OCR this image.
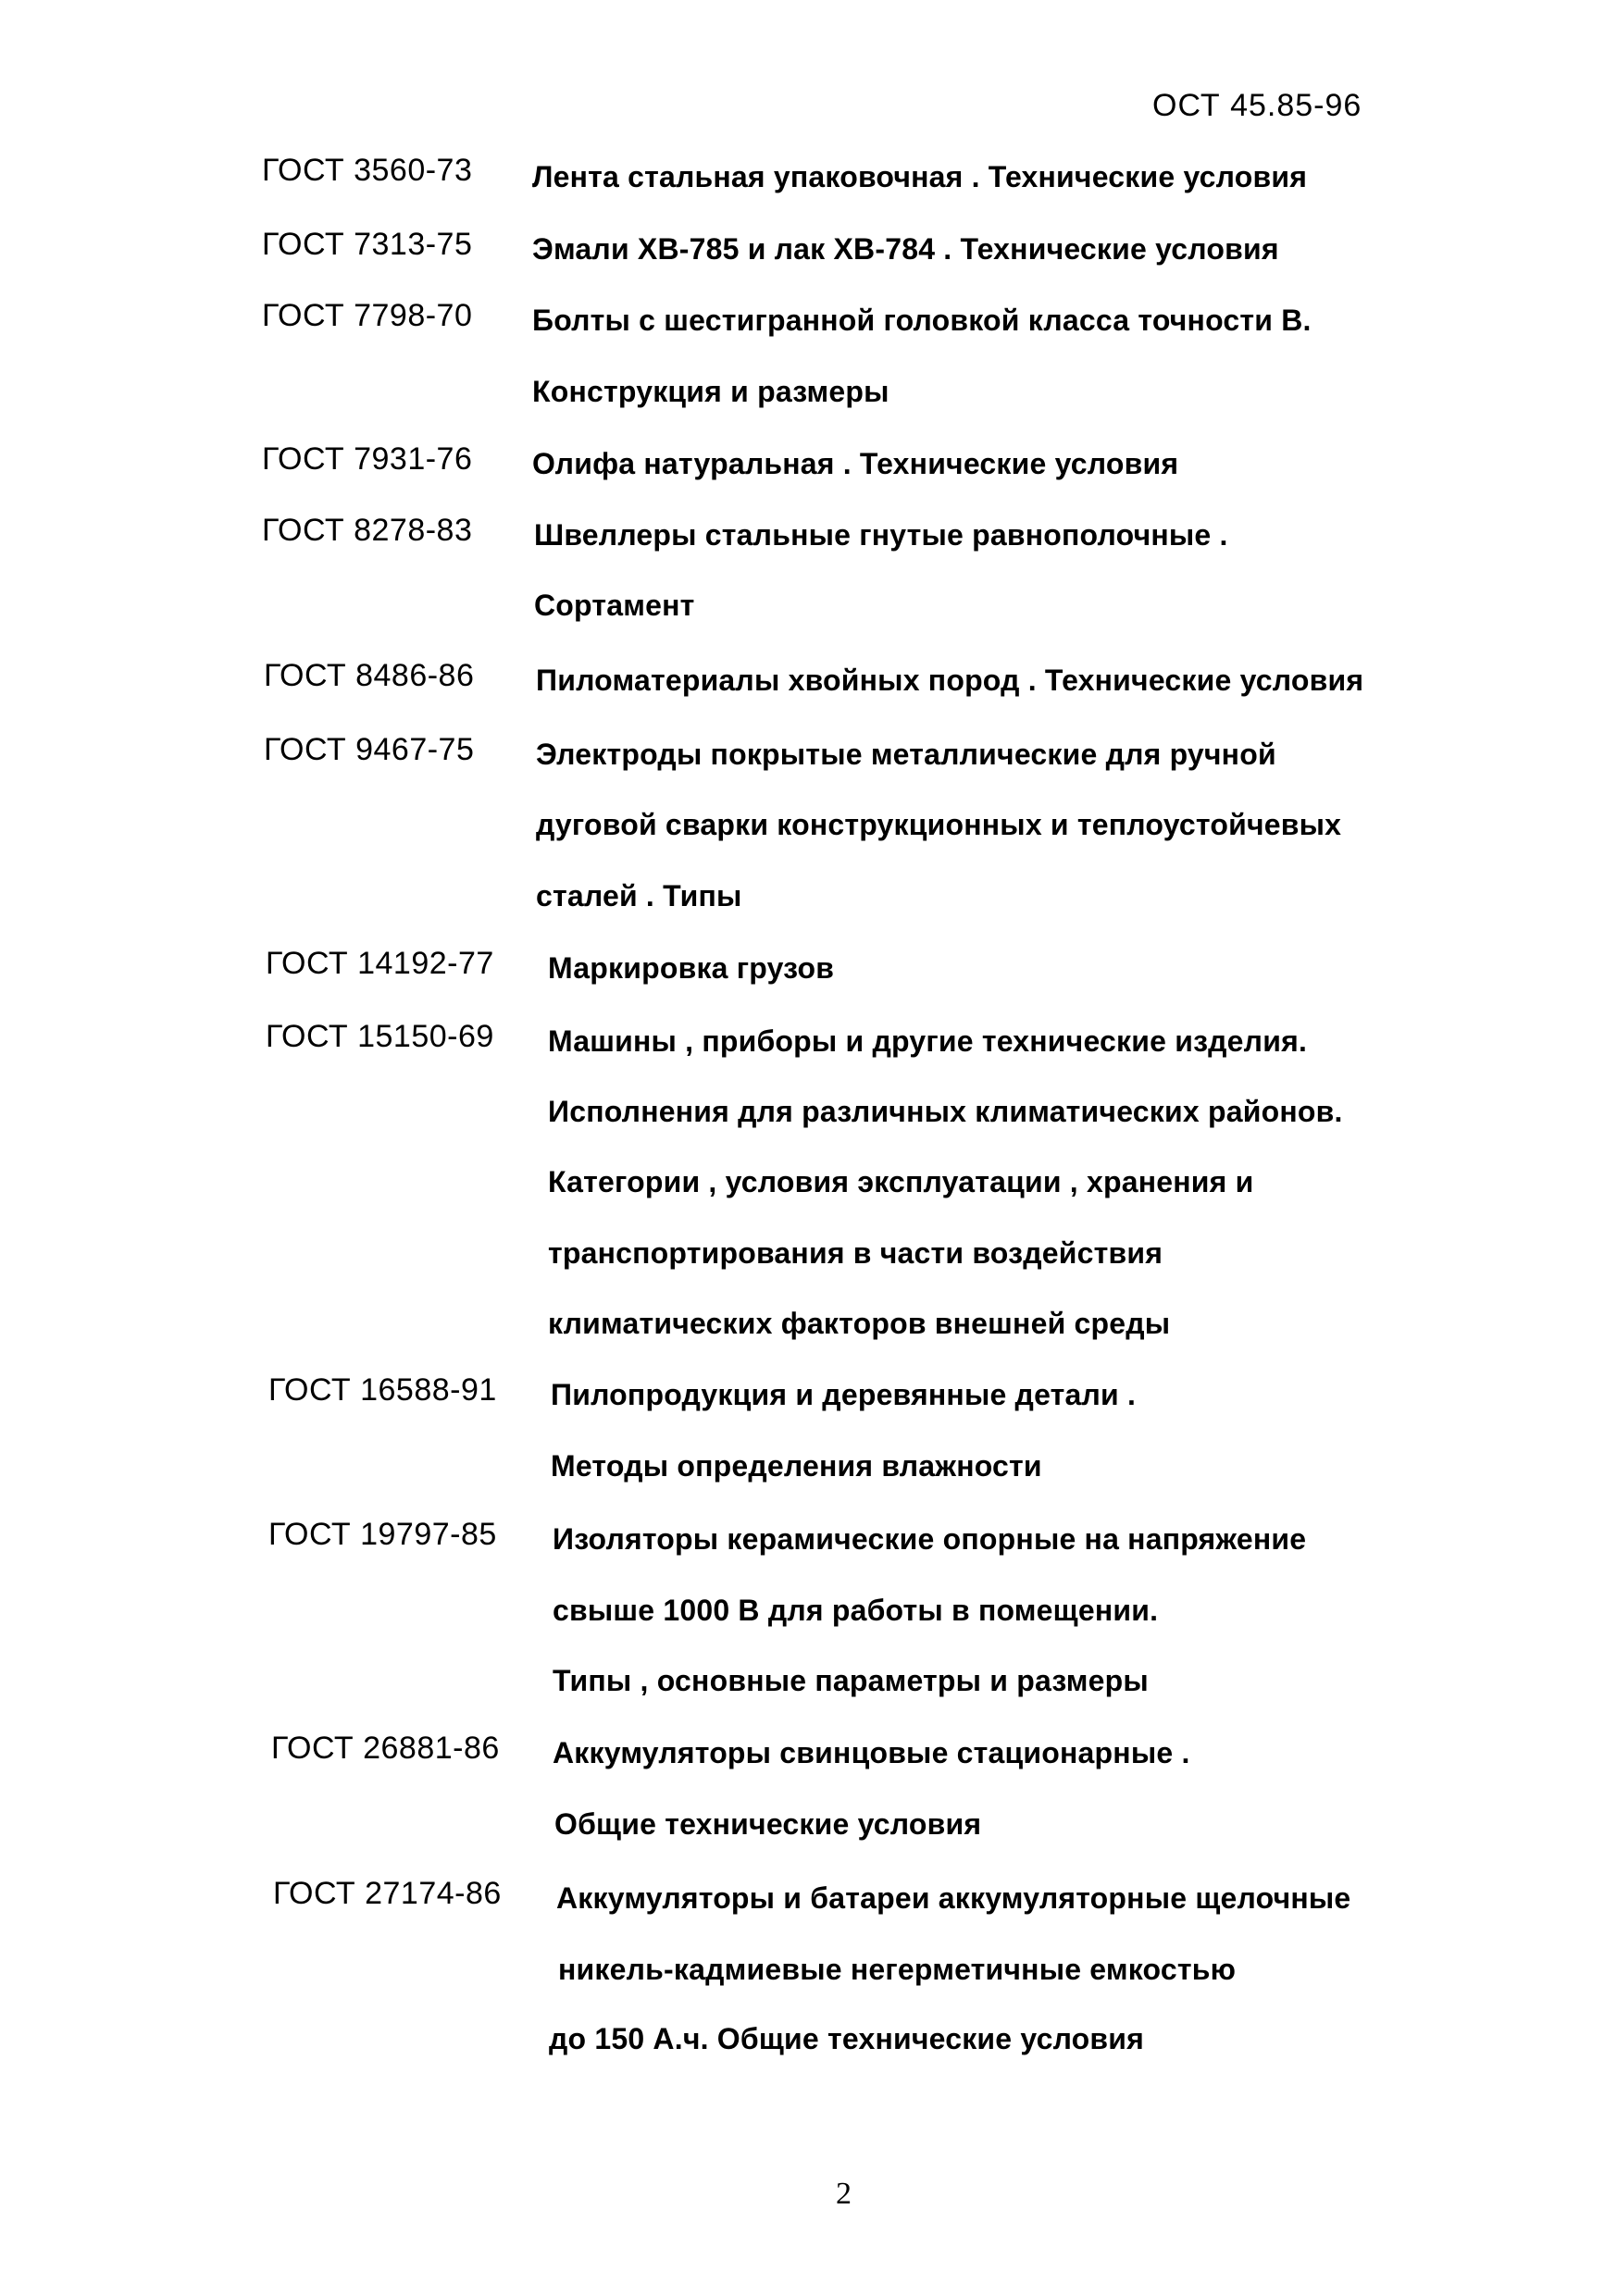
ОСТ 45.85-96
ГОСТ 3560-73 Лента стальная упаковочная . Технические условия
ГОСТ 7313-75 Эмали ХВ-785 и лак ХВ-784 . Технические условия
ГОСТ 7798-70 Болты с шестигранной головкой класса точности В.
Конструкция и размеры
ГОСТ 7931-76 Олифа натуральная . Технические условия
ГОСТ 8278-83 Швеллеры стальные гнутые равнополочные .
Сортамент
ГОСТ 8486-86 Пиломатериалы хвойных пород . Технические условия
ГОСТ 9467-75 Электроды покрытые металлические для ручной
дуговой сварки конструкционных и теплоустойчевых
сталей . Типы
ГОСТ 14192-77 Маркировка грузов
ГОСТ 15150-69 Машины , приборы и другие технические изделия.
Исполнения для различных климатических районов.
Категории , условия эксплуатации , хранения и
транспортирования в части воздействия
климатических факторов внешней среды
ГОСТ 16588-91 Пилопродукция и деревянные детали .
Методы определения влажности
ГОСТ 19797-85 Изоляторы керамические опорные на напряжение
свыше 1000 В для работы в помещении.
Типы , основные параметры и размеры
ГОСТ 26881-86 Аккумуляторы свинцовые стационарные .
Общие технические условия
ГОСТ 27174-86 Аккумуляторы и батареи аккумуляторные щелочные
никель-кадмиевые негерметичные емкостью
до 150 А.ч. Общие технические условия
2
